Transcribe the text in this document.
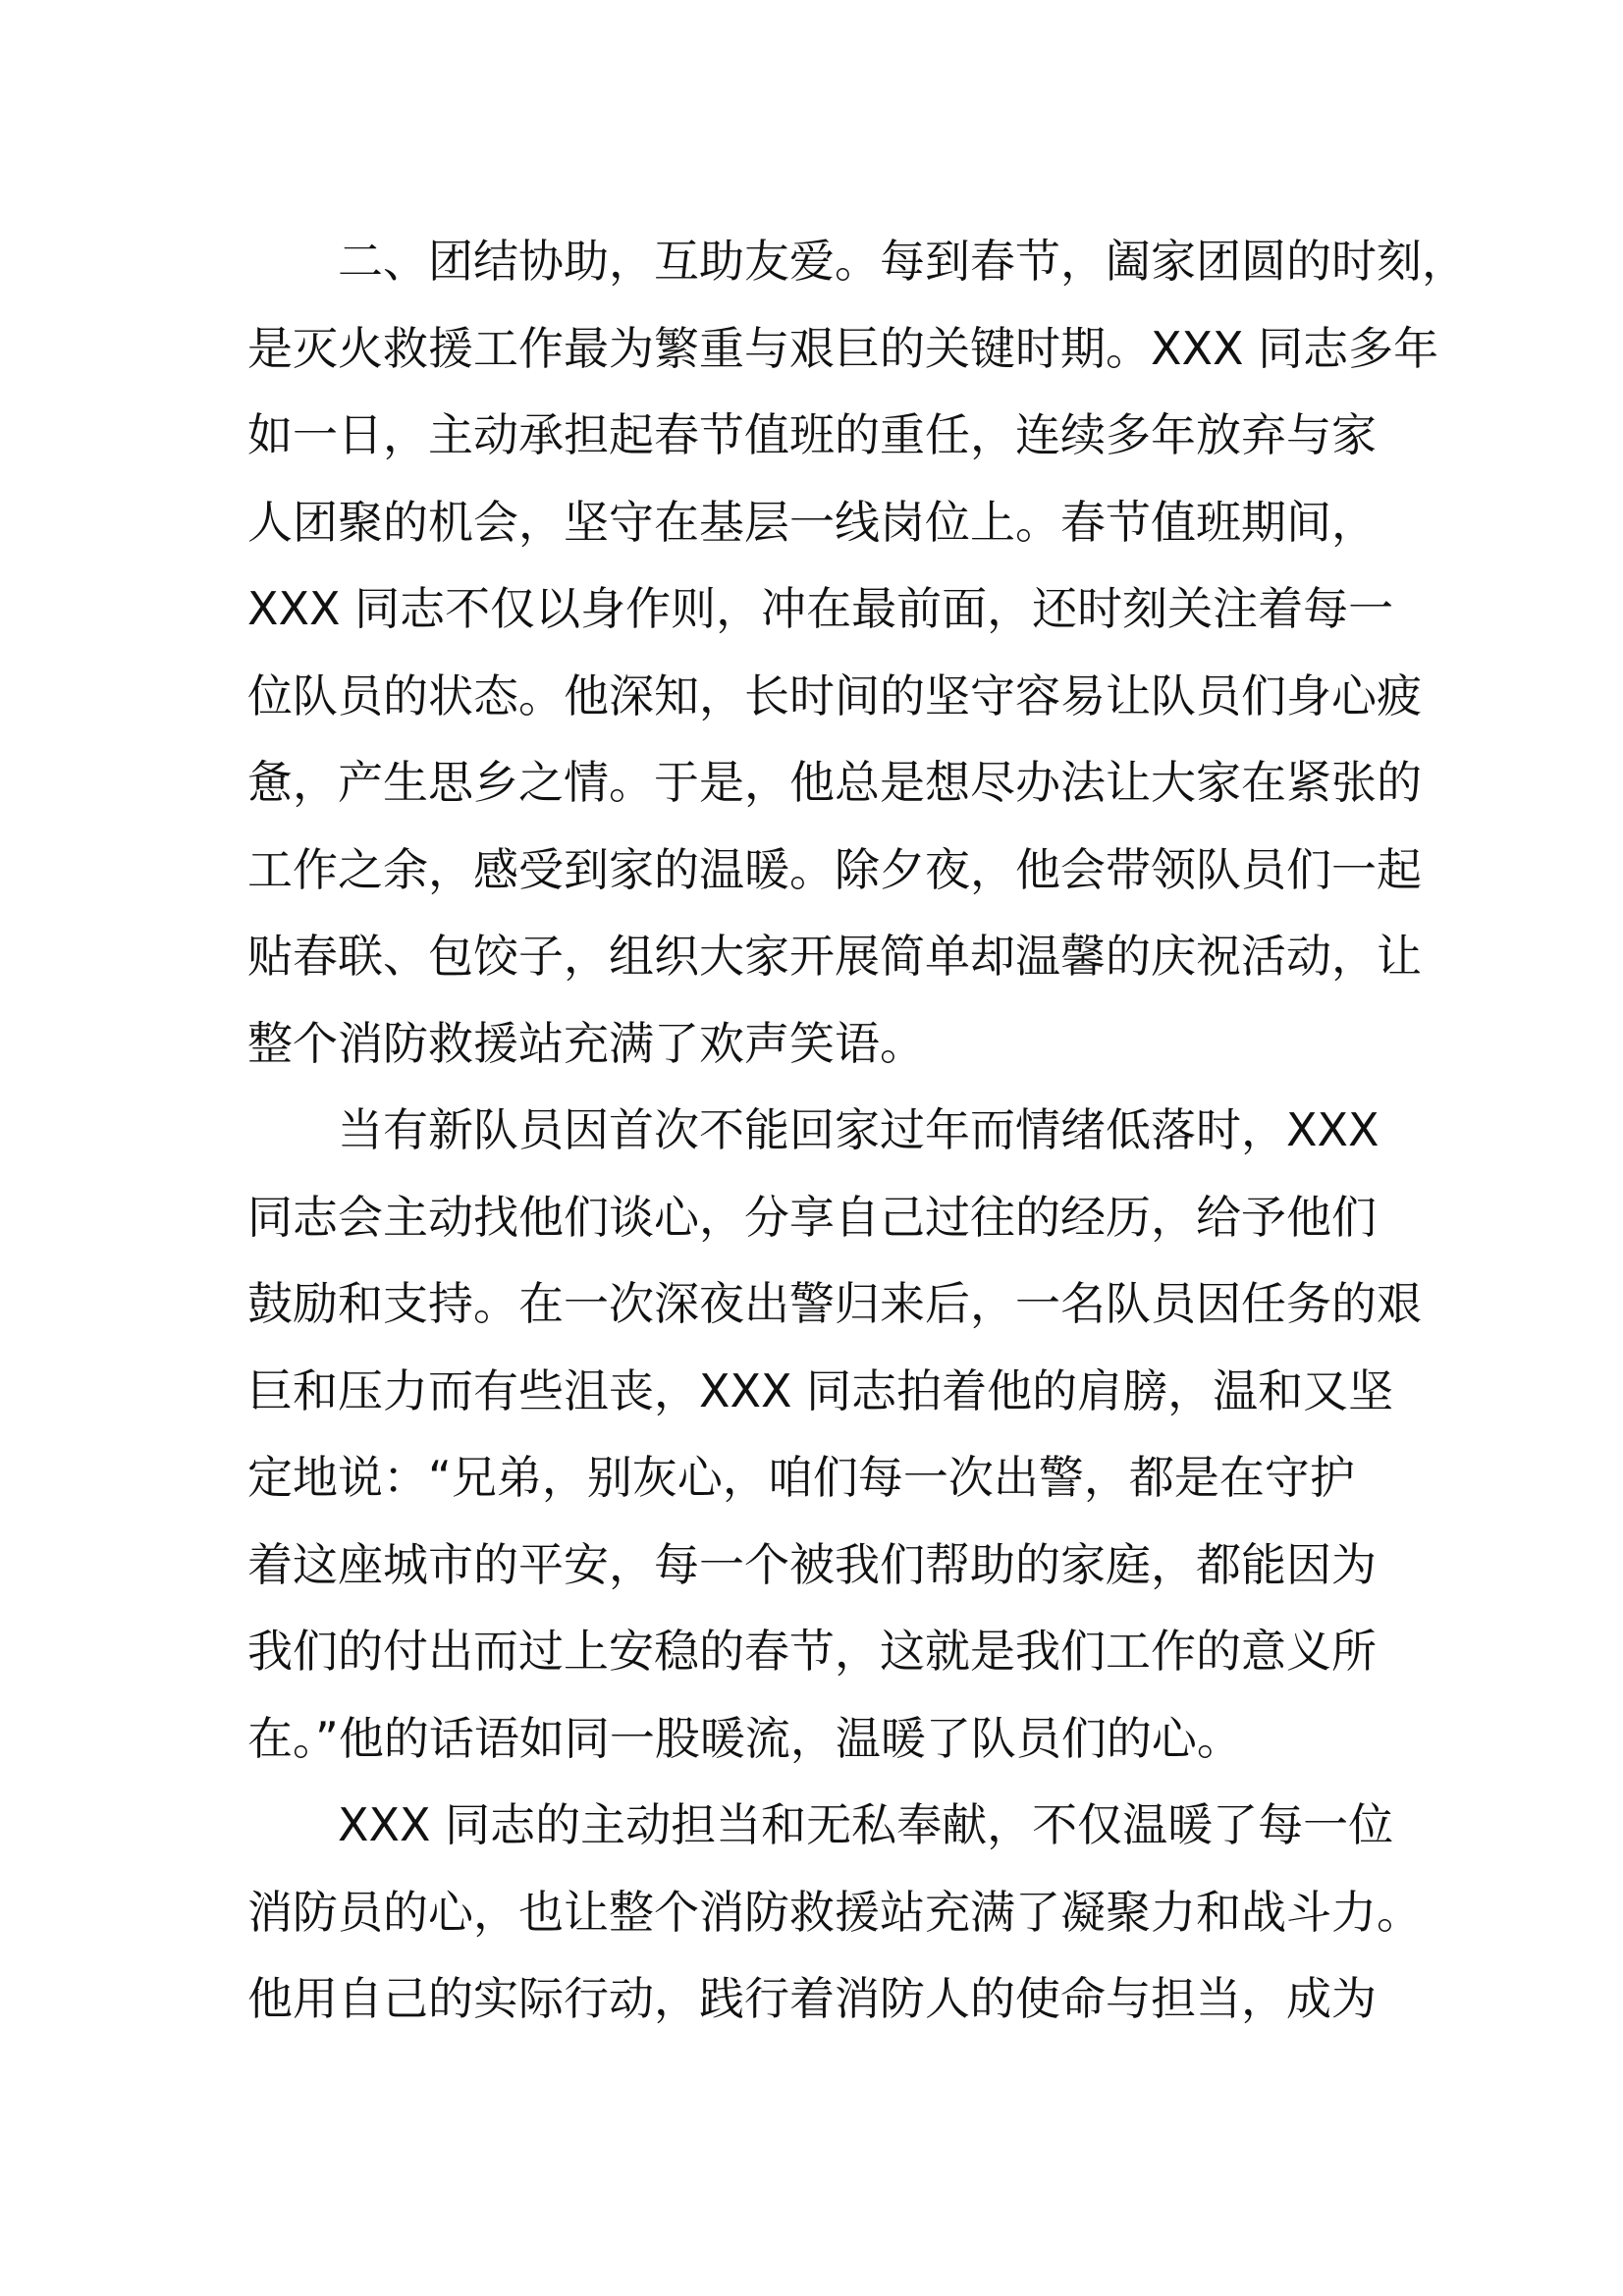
二、团结协助，互助友爱。每到春节，阖家团圆的时刻，
是灭火救援工作最为繁重与艰巨的关键时期。XXX 同志多年
如一日，主动承担起春节值班的重任，连续多年放弃与家
人团聚的机会，坚守在基层一线岗位上。春节值班期间，
XXX 同志不仅以身作则，冲在最前面，还时刻关注着每一
位队员的状态。他深知，长时间的坚守容易让队员们身心疲
惫，产生思乡之情。于是，他总是想尽办法让大家在紧张的
工作之余，感受到家的温暖。除夕夜，他会带领队员们一起
贴春联、包饺子，组织大家开展简单却温馨的庆祝活动，让
整个消防救援站充满了欢声笑语。
当有新队员因首次不能回家过年而情绪低落时，XXX
同志会主动找他们谈心，分享自己过往的经历，给予他们
鼓励和支持。在一次深夜出警归来后，一名队员因任务的艰
巨和压力而有些沮丧，XXX 同志拍着他的肩膀，温和又坚
定地说：“兄弟，别灰心，咱们每一次出警，都是在守护
着这座城市的平安，每一个被我们帮助的家庭，都能因为
我们的付出而过上安稳的春节，这就是我们工作的意义所
在。”他的话语如同一股暖流，温暖了队员们的心。
XXX 同志的主动担当和无私奉献，不仅温暖了每一位
消防员的心，也让整个消防救援站充满了凝聚力和战斗力。
他用自己的实际行动，践行着消防人的使命与担当，成为
